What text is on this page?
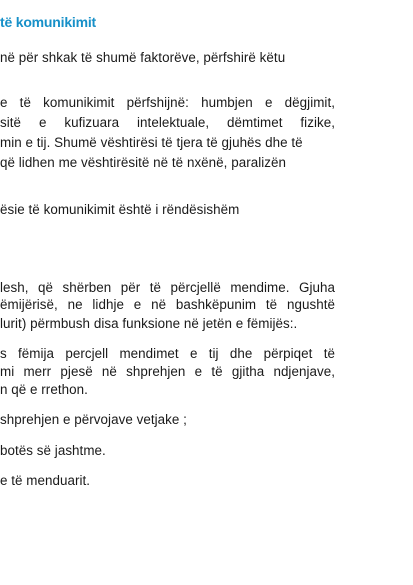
të komunikimit
në për shkak të shumë faktorëve, përfshirë këtu
e të komunikimit përfshijnë: humbjen e dëgjimit,
sitë e kufizuara intelektuale, dëmtimet fizike,
min e tij. Shumë vështirësi të tjera të gjuhës dhe të
që lidhen me vështirësitë në të nxënë, paralizën
ësie të komunikimit është i rëndësishëm
lesh, që shërben për të përcjellë mendime. Gjuha
ëmijërisë, ne lidhje e në bashkëpunim të ngushtë
lurit) përmbush disa funksione në jetën e fëmijës:.
s fëmija percjell mendimet e tij dhe përpiqet të
mi merr pjesë në shprehjen e të gjitha ndjenjave,
n që e rrethon.
shprehjen e përvojave vetjake ;
botës së jashtme.
e të menduarit.
